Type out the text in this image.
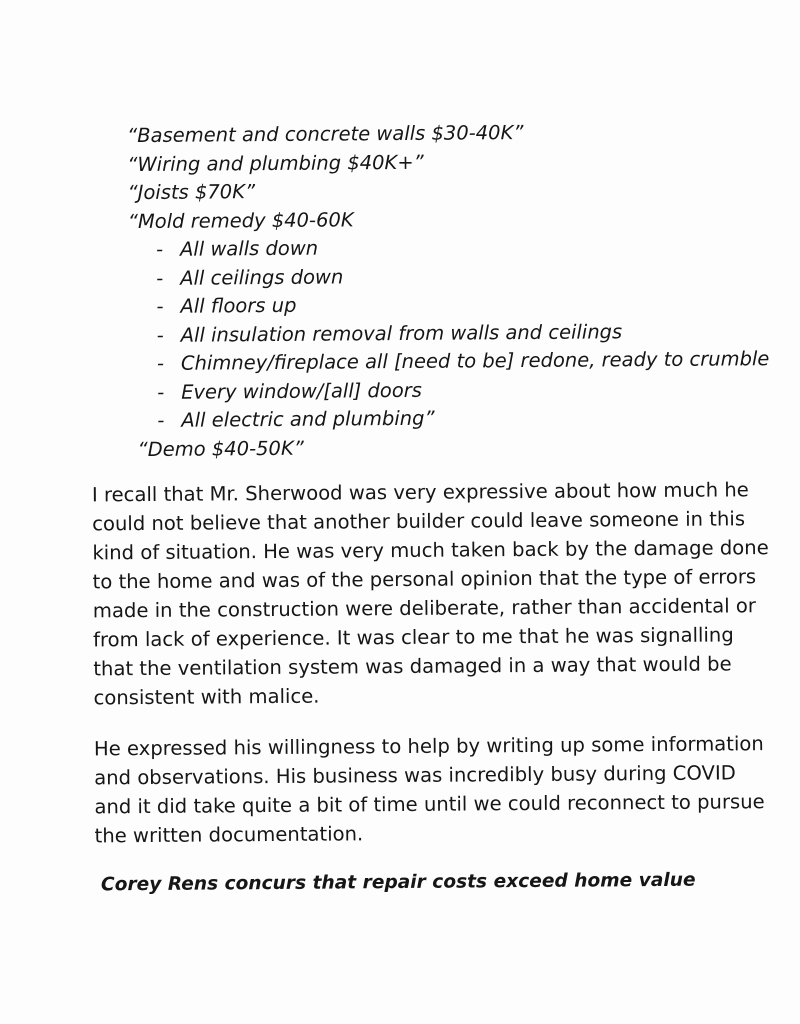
“Basement and concrete walls $30-40K”

“Wiring and plumbing $40K+”

“Joists $70K”

“Mold remedy $40-60K

- All walls down
- All ceilings down
- All floors up
- All insulation removal from walls and ceilings
- Chimney/fireplace all [need to be] redone, ready to crumble
- Every window/[all] doors
- All electric and plumbing”

“Demo $40-50K”

I recall that Mr. Sherwood was very expressive about how much he
could not believe that another builder could leave someone in this
kind of situation. He was very much taken back by the damage done
to the home and was of the personal opinion that the type of errors
made in the construction were deliberate, rather than accidental or
from lack of experience. It was clear to me that he was signalling
that the ventilation system was damaged in a way that would be
consistent with malice.

He expressed his willingness to help by writing up some information
and observations. His business was incredibly busy during COVID
and it did take quite a bit of time until we could reconnect to pursue
the written documentation.

Corey Rens concurs that repair costs exceed home value
